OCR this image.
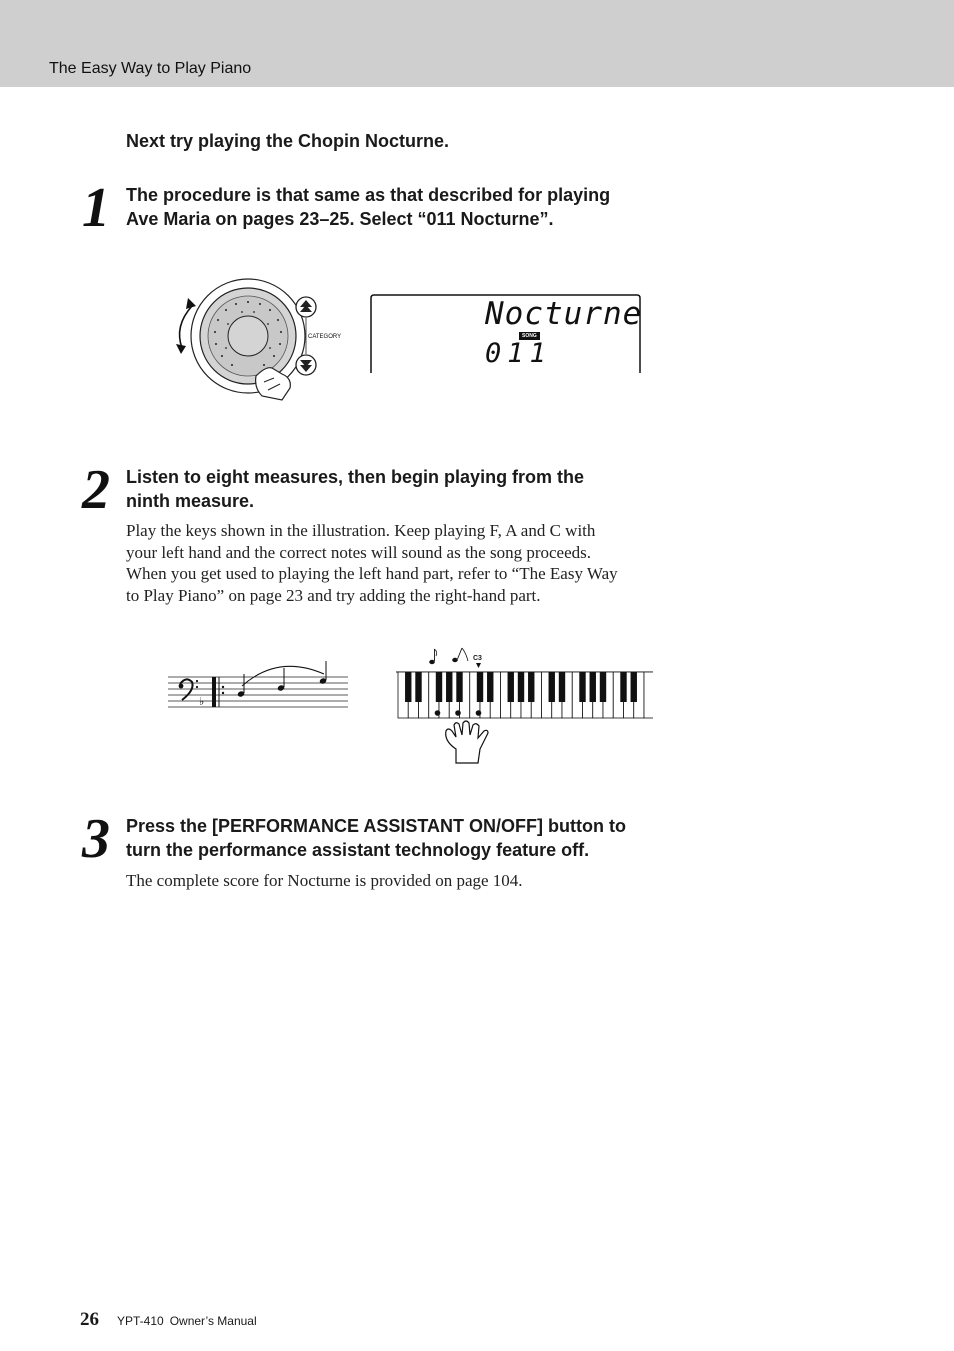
The Easy Way to Play Piano
Next try playing the Chopin Nocturne.
1 The procedure is that same as that described for playing
Ave Maria on pages 23–25. Select “011 Nocturne”.
CATEGORY
Nocturne
SONG
011
2 Listen to eight measures, then begin playing from the
ninth measure.
Play the keys shown in the illustration. Keep playing F, A and C with
your left hand and the correct notes will sound as the song proceeds.
When you get used to playing the left hand part, refer to “The Easy Way
to Play Piano” on page 23 and try adding the right-hand part.
♭
C3
3 Press the [PERFORMANCE ASSISTANT ON/OFF] button to
turn the performance assistant technology feature off.
The complete score for Nocturne is provided on page 104.
26 YPT-410 Owner’s Manual
